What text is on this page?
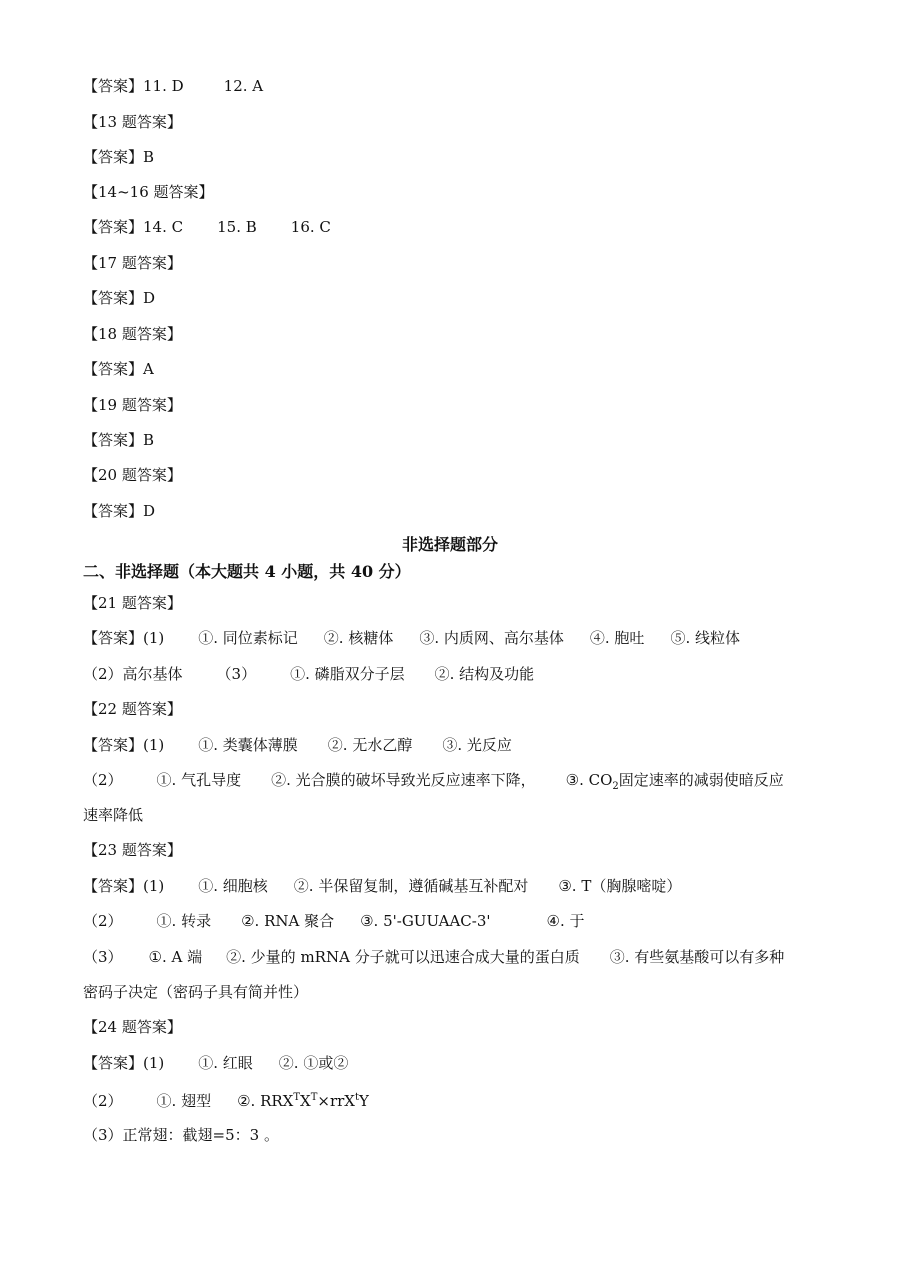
【答案】11. D	12. A
【13 题答案】
【答案】B
【14~16 题答案】
【答案】14. C 15. B 16. C
【17 题答案】
【答案】D
【18 题答案】
【答案】A
【19 题答案】
【答案】B
【20 题答案】
【答案】D
非选择题部分
二、非选择题（本大题共 4 小题，共 40 分）
【21 题答案】
【答案】(1) ①. 同位素标记 ②. 核糖体 ③. 内质网、高尔基体 ④. 胞吐 ⑤. 线粒体
（2）高尔基体 （3） ①. 磷脂双分子层 ②. 结构及功能
【22 题答案】
【答案】(1) ①. 类囊体薄膜 ②. 无水乙醇 ③. 光反应
（2） ①. 气孔导度 ②. 光合膜的破坏导致光反应速率下降， ③. $CO_2$固定速率的减弱使暗反应
速率降低
【23 题答案】
【答案】(1) ①. 细胞核 ②. 半保留复制，遵循碱基互补配对 ③. T（胸腺嘧啶）
（2） ①. 转录 ②. RNA 聚合 ③. 5'-GUUAAC-3'	④. 于
（3） ①. A 端 ②. 少量的 mRNA 分子就可以迅速合成大量的蛋白质 ③. 有些氨基酸可以有多种
密码子决定（密码子具有简并性）
【24 题答案】
【答案】(1) ①. 红眼 ②. ①或②
（2） ①. 翅型 ②. $RRX^TX^T\times rrX^tY$
（3）正常翅：截翅=5：3 。
